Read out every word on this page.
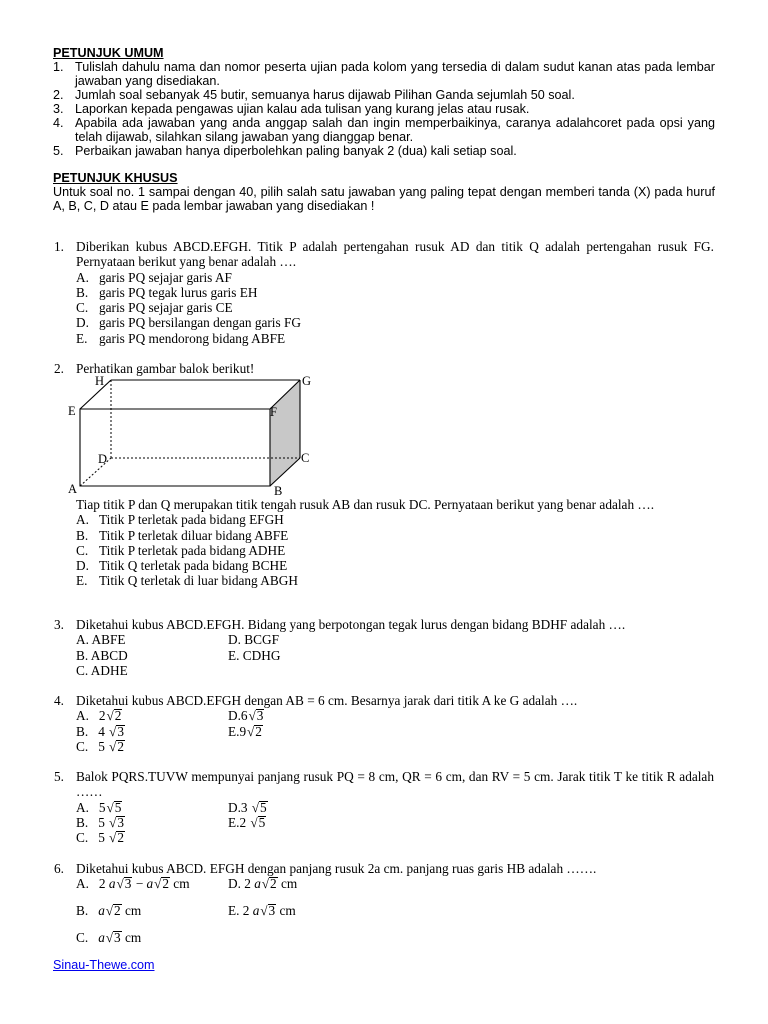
PETUNJUK UMUM
1. Tulislah dahulu nama dan nomor peserta ujian pada kolom yang tersedia di dalam sudut kanan atas pada lembar jawaban yang disediakan.
2. Jumlah soal sebanyak 45 butir, semuanya harus dijawab Pilihan Ganda sejumlah 50 soal.
3. Laporkan kepada pengawas ujian kalau ada tulisan yang kurang jelas atau rusak.
4. Apabila ada jawaban yang anda anggap salah dan ingin memperbaikinya, caranya adalahcoret pada opsi yang telah dijawab, silahkan silang jawaban yang dianggap benar.
5. Perbaikan jawaban hanya diperbolehkan paling banyak 2 (dua) kali setiap soal.
PETUNJUK KHUSUS
Untuk soal no. 1 sampai dengan 40, pilih salah satu jawaban yang paling tepat dengan memberi tanda (X) pada huruf A, B, C, D atau E pada lembar jawaban yang disediakan !
1. Diberikan kubus ABCD.EFGH. Titik P adalah pertengahan rusuk AD dan titik Q adalah pertengahan rusuk FG. Pernyataan berikut yang benar adalah ….
A. garis PQ sejajar garis AF
B. garis PQ tegak lurus garis EH
C. garis PQ sejajar garis CE
D. garis PQ bersilangan dengan garis FG
E. garis PQ mendorong bidang ABFE
2. Perhatikan gambar balok berikut!
H	G
E	F
D	C
A	B
Tiap titik P dan Q merupakan titik tengah rusuk AB dan rusuk DC. Pernyataan berikut yang benar adalah ….
A. Titik P terletak pada bidang EFGH
B. Titik P terletak diluar bidang ABFE
C. Titik P terletak pada bidang ADHE
D. Titik Q terletak pada bidang BCHE
E. Titik Q terletak di luar bidang ABGH
3. Diketahui kubus ABCD.EFGH. Bidang yang berpotongan tegak lurus dengan bidang BDHF adalah ….
A. ABFE	D. BCGF
B. ABCD	E. CDHG
C. ADHE
4. Diketahui kubus ABCD.EFGH dengan AB = 6 cm. Besarnya jarak dari titik A ke G adalah ….
A. 2√2	D.6√3
B. 4 √3	E.9√2
C. 5 √2
5. Balok PQRS.TUVW mempunyai panjang rusuk PQ = 8 cm, QR = 6 cm, dan RV = 5 cm. Jarak titik T ke titik R adalah ……
A. 5√5	D.3 √5
B. 5 √3	E.2 √5
C. 5 √2
6. Diketahui kubus ABCD. EFGH dengan panjang rusuk 2a cm. panjang ruas garis HB adalah …….
A. 2 a√3 − a√2 cm	D. 2 a√2 cm
B. a√2 cm	E. 2 a√3 cm
C. a√3 cm
Sinau-Thewe.com
